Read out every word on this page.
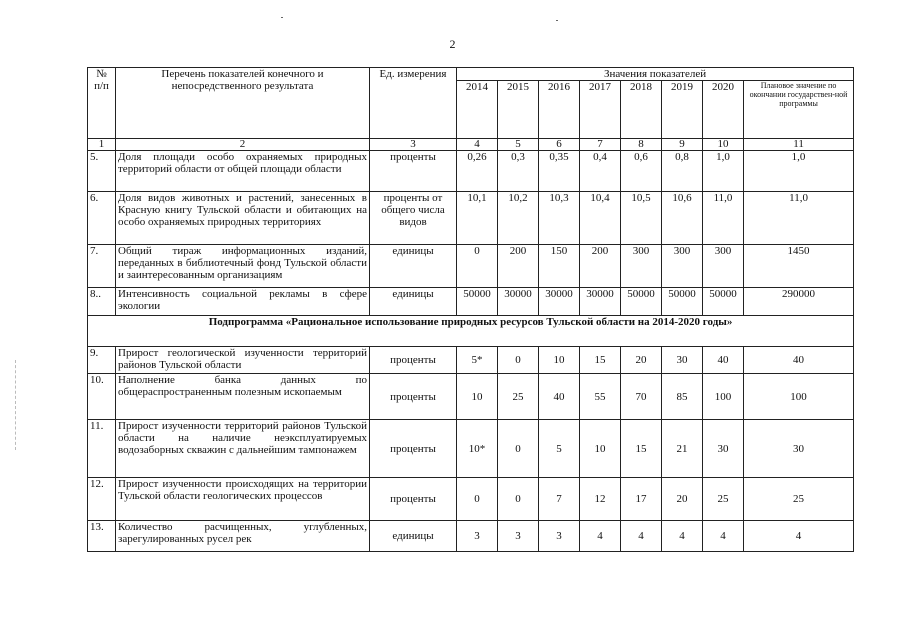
2
№
п/п	Перечень показателей конечного и непосредственного результата	Ед. измерения	Значения показателей							
			2014	2015	2016	2017	2018	2019	2020	Плановое значение по окончании государствен-ной программы
1	2	3	4	5	6	7	8	9	10	11
5.	Доля площади особо охраняемых природных территорий области от общей площади области	проценты	0,26	0,3	0,35	0,4	0,6	0,8	1,0	1,0
6.	Доля видов животных и растений, занесенных в Красную книгу Тульской области и обитающих на особо охраняемых природных территориях	проценты от общего числа видов	10,1	10,2	10,3	10,4	10,5	10,6	11,0	11,0
7.	Общий тираж информационных изданий, переданных в библиотечный фонд Тульской области и заинтересованным организациям	единицы	0	200	150	200	300	300	300	1450
8..	Интенсивность социальной рекламы в сфере экологии	единицы	50000	30000	30000	30000	50000	50000	50000	290000
Подпрограмма «Рациональное использование природных ресурсов Тульской области на 2014-2020 годы»										
9.	Прирост геологической изученности территорий районов Тульской области	проценты	5*	0	10	15	20	30	40	40
10.	Наполнение банка данных по общераспространенным полезным ископаемым	проценты	10	25	40	55	70	85	100	100
11.	Прирост изученности территорий районов Тульской области на наличие неэксплуатируемых водозаборных скважин с дальнейшим тампонажем	проценты	10*	0	5	10	15	21	30	30
12.	Прирост изученности происходящих на территории Тульской области геологических процессов	проценты	0	0	7	12	17	20	25	25
13.	Количество расчищенных, углубленных, зарегулированных русел рек	единицы	3	3	3	4	4	4	4	4
